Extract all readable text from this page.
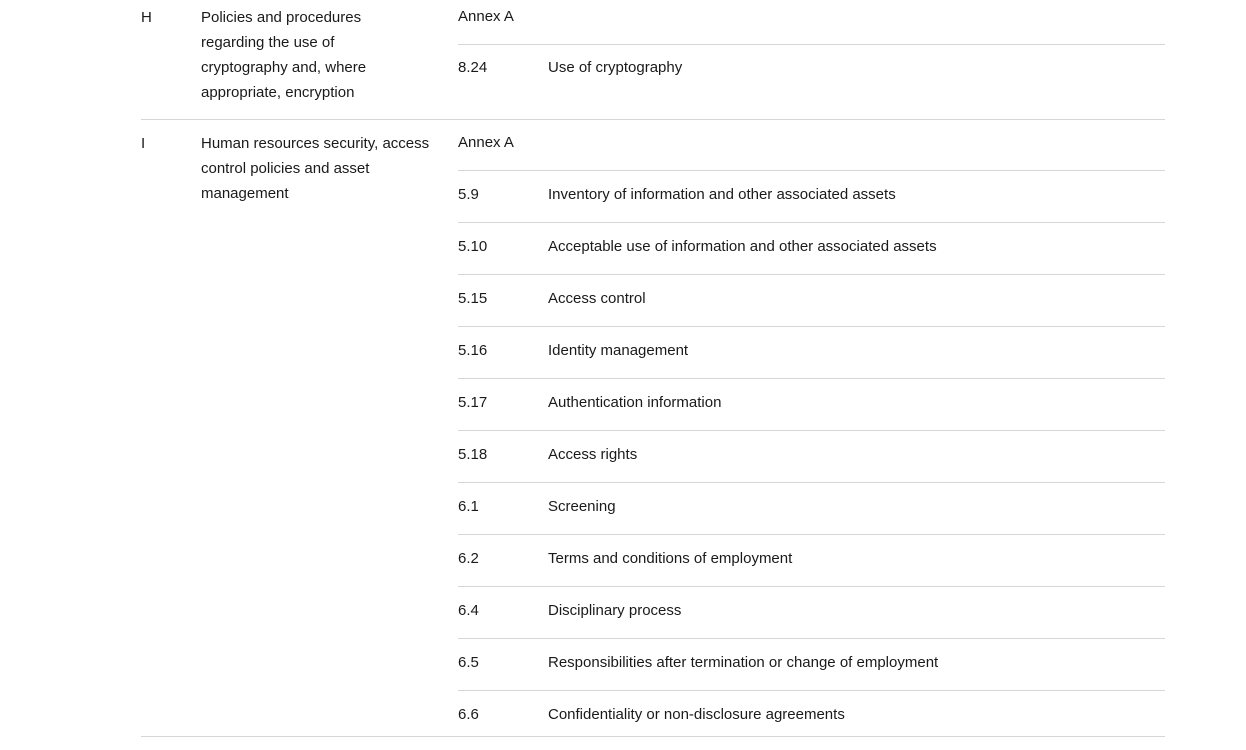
H	Policies and procedures
regarding the use of
cryptography and, where
appropriate, encryption
Annex A
8.24	Use of cryptography
I	Human resources security, access
control policies and asset
management
Annex A
5.9	Inventory of information and other associated assets
5.10	Acceptable use of information and other associated assets
5.15	Access control
5.16	Identity management
5.17	Authentication information
5.18	Access rights
6.1	Screening
6.2	Terms and conditions of employment
6.4	Disciplinary process
6.5	Responsibilities after termination or change of employment
6.6	Confidentiality or non-disclosure agreements
